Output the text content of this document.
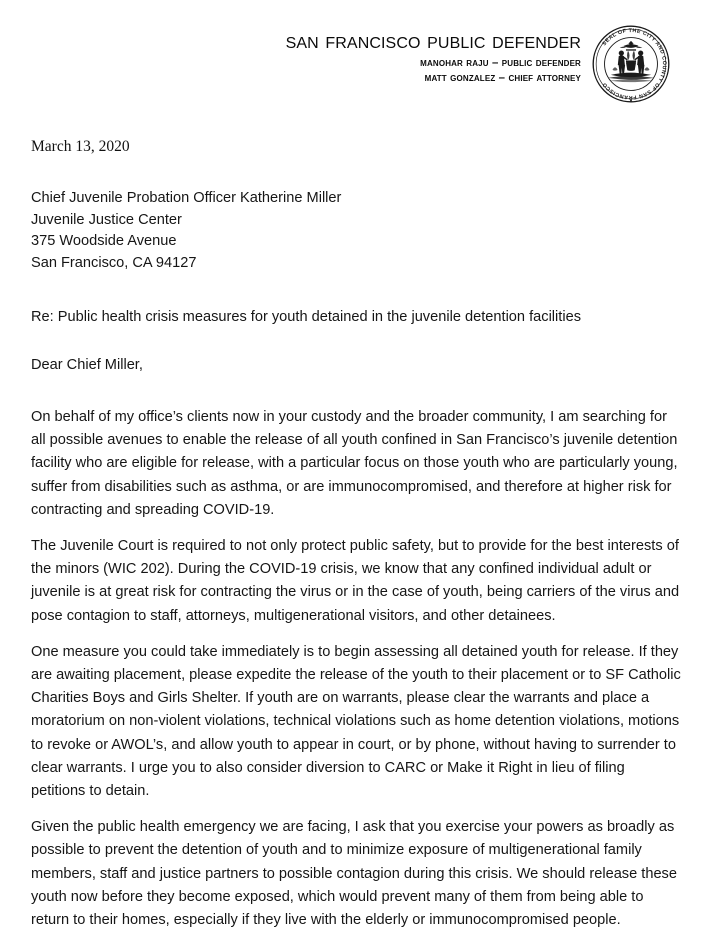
san francisco public defender
manohar raju – public defender
matt gonzalez – chief attorney
SEAL OF THE CITY AND COUNTY OF SAN FRANCISCO
March 13, 2020
Chief Juvenile Probation Officer Katherine Miller
Juvenile Justice Center
375 Woodside Avenue
San Francisco, CA 94127
Re: Public health crisis measures for youth detained in the juvenile detention facilities
Dear Chief Miller,

On behalf of my office’s clients now in your custody and the broader community, I am searching for all possible avenues to enable the release of all youth confined in San Francisco’s juvenile detention facility who are eligible for release, with a particular focus on those youth who are particularly young, suffer from disabilities such as asthma, or are immunocompromised, and therefore at higher risk for contracting and spreading COVID-19.

The Juvenile Court is required to not only protect public safety, but to provide for the best interests of the minors (WIC 202). During the COVID-19 crisis, we know that any confined individual adult or juvenile is at great risk for contracting the virus or in the case of youth, being carriers of the virus and pose contagion to staff, attorneys, multigenerational visitors, and other detainees.

One measure you could take immediately is to begin assessing all detained youth for release. If they are awaiting placement, please expedite the release of the youth to their placement or to SF Catholic Charities Boys and Girls Shelter. If youth are on warrants, please clear the warrants and place a moratorium on non-violent violations, technical violations such as home detention violations, motions to revoke or AWOL’s, and allow youth to appear in court, or by phone, without having to surrender to clear warrants. I urge you to also consider diversion to CARC or Make it Right in lieu of filing petitions to detain.

Given the public health emergency we are facing, I ask that you exercise your powers as broadly as possible to prevent the detention of youth and to minimize exposure of multigenerational family members, staff and justice partners to possible contagion during this crisis. We should release these youth now before they become exposed, which would prevent many of them from being able to return to their homes, especially if they live with the elderly or immunocompromised people.
